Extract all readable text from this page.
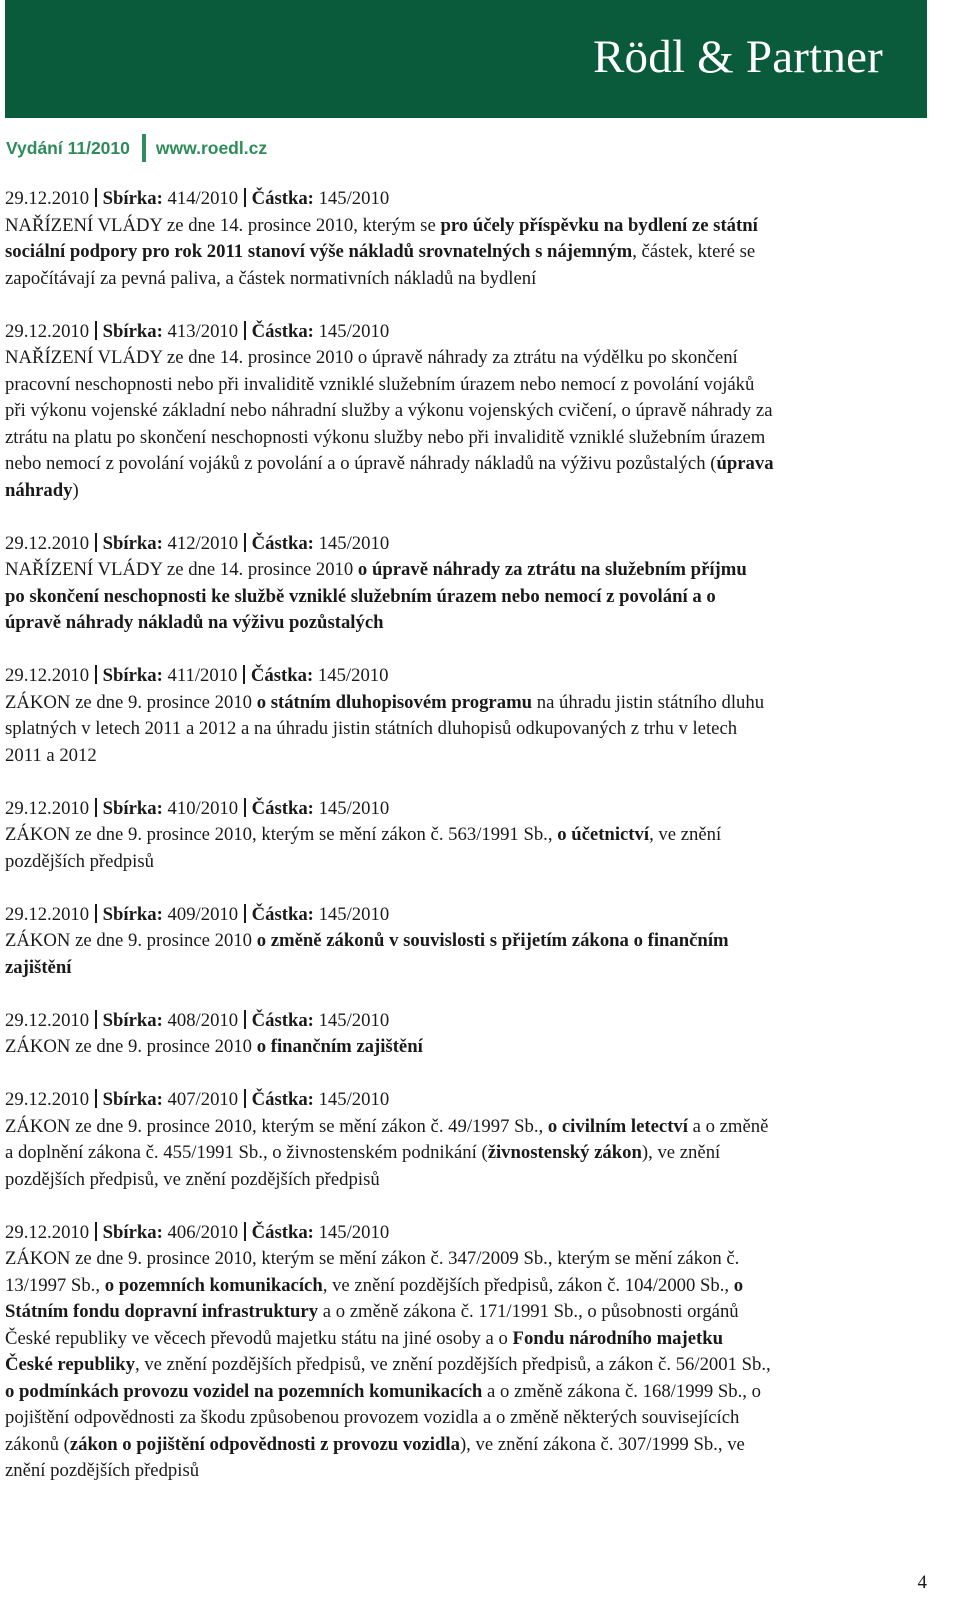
Rödl & Partner
Vydání 11/2010 www.roedl.cz
29.12.2010 Sbírka: 414/2010 Částka: 145/2010
NAŘÍZENÍ VLÁDY ze dne 14. prosince 2010, kterým se pro účely příspěvku na bydlení ze státní
sociální podpory pro rok 2011 stanoví výše nákladů srovnatelných s nájemným, částek, které se
započítávají za pevná paliva, a částek normativních nákladů na bydlení
29.12.2010 Sbírka: 413/2010 Částka: 145/2010
NAŘÍZENÍ VLÁDY ze dne 14. prosince 2010 o úpravě náhrady za ztrátu na výdělku po skončení
pracovní neschopnosti nebo při invaliditě vzniklé služebním úrazem nebo nemocí z povolání vojáků
při výkonu vojenské základní nebo náhradní služby a výkonu vojenských cvičení, o úpravě náhrady za
ztrátu na platu po skončení neschopnosti výkonu služby nebo při invaliditě vzniklé služebním úrazem
nebo nemocí z povolání vojáků z povolání a o úpravě náhrady nákladů na výživu pozůstalých (úprava
náhrady)
29.12.2010 Sbírka: 412/2010 Částka: 145/2010
NAŘÍZENÍ VLÁDY ze dne 14. prosince 2010 o úpravě náhrady za ztrátu na služebním příjmu
po skončení neschopnosti ke službě vzniklé služebním úrazem nebo nemocí z povolání a o
úpravě náhrady nákladů na výživu pozůstalých
29.12.2010 Sbírka: 411/2010 Částka: 145/2010
ZÁKON ze dne 9. prosince 2010 o státním dluhopisovém programu na úhradu jistin státního dluhu
splatných v letech 2011 a 2012 a na úhradu jistin státních dluhopisů odkupovaných z trhu v letech
2011 a 2012
29.12.2010 Sbírka: 410/2010 Částka: 145/2010
ZÁKON ze dne 9. prosince 2010, kterým se mění zákon č. 563/1991 Sb., o účetnictví, ve znění
pozdějších předpisů
29.12.2010 Sbírka: 409/2010 Částka: 145/2010
ZÁKON ze dne 9. prosince 2010 o změně zákonů v souvislosti s přijetím zákona o finančním
zajištění
29.12.2010 Sbírka: 408/2010 Částka: 145/2010
ZÁKON ze dne 9. prosince 2010 o finančním zajištění
29.12.2010 Sbírka: 407/2010 Částka: 145/2010
ZÁKON ze dne 9. prosince 2010, kterým se mění zákon č. 49/1997 Sb., o civilním letectví a o změně
a doplnění zákona č. 455/1991 Sb., o živnostenském podnikání (živnostenský zákon), ve znění
pozdějších předpisů, ve znění pozdějších předpisů
29.12.2010 Sbírka: 406/2010 Částka: 145/2010
ZÁKON ze dne 9. prosince 2010, kterým se mění zákon č. 347/2009 Sb., kterým se mění zákon č.
13/1997 Sb., o pozemních komunikacích, ve znění pozdějších předpisů, zákon č. 104/2000 Sb., o
Státním fondu dopravní infrastruktury a o změně zákona č. 171/1991 Sb., o působnosti orgánů
České republiky ve věcech převodů majetku státu na jiné osoby a o Fondu národního majetku
České republiky, ve znění pozdějších předpisů, ve znění pozdějších předpisů, a zákon č. 56/2001 Sb.,
o podmínkách provozu vozidel na pozemních komunikacích a o změně zákona č. 168/1999 Sb., o
pojištění odpovědnosti za škodu způsobenou provozem vozidla a o změně některých souvisejících
zákonů (zákon o pojištění odpovědnosti z provozu vozidla), ve znění zákona č. 307/1999 Sb., ve
znění pozdějších předpisů
4
